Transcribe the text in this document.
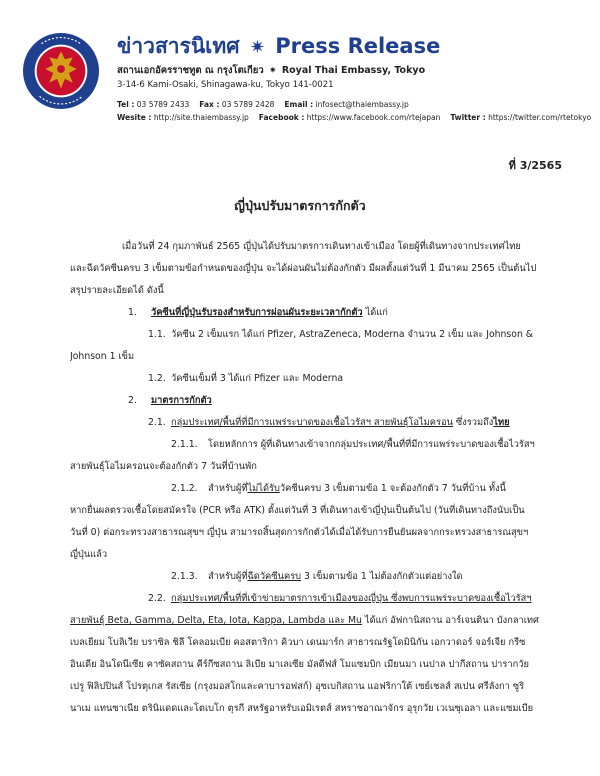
ข่าวสารนิเทศ ✷ Press Release
สถานเอกอัครราชทูต ณ กรุงโตเกียว ✷ Royal Thai Embassy, Tokyo
3-14-6 Kami-Osaki, Shinagawa-ku, Tokyo 141-0021
Tel : 03 5789 2433 Fax : 03 5789 2428 Email : infosect@thaiembassy.jp
Wesite : http://site.thaiembassy.jp Facebook : https://www.facebook.com/rtejapan Twitter : https://twitter.com/rtetokyo
ที่ 3/2565
ญี่ปุ่นปรับมาตรการกักตัว
เมื่อวันที่ 24 กุมภาพันธ์ 2565 ญี่ปุ่นได้ปรับมาตรการเดินทางเข้าเมือง โดยผู้ที่เดินทางจากประเทศไทย
และฉีดวัคซีนครบ 3 เข็มตามข้อกำหนดของญี่ปุ่น จะได้ผ่อนผันไม่ต้องกักตัว มีผลตั้งแต่วันที่ 1 มีนาคม 2565 เป็นต้นไป
สรุปรายละเอียดได้ ดังนี้
1. วัคซีนที่ญี่ปุ่นรับรองสำหรับการผ่อนผันระยะเวลากักตัว ได้แก่
1.1. วัคซีน 2 เข็มแรก ได้แก่ Pfizer, AstraZeneca, Moderna จำนวน 2 เข็ม และ Johnson &
Johnson 1 เข็ม
1.2. วัคซีนเข็มที่ 3 ได้แก่ Pfizer และ Moderna
2. มาตรการกักตัว
2.1. กลุ่มประเทศ/พื้นที่ที่มีการแพร่ระบาดของเชื้อไวรัสฯ สายพันธุ์โอไมครอน ซึ่งรวมถึงไทย
2.1.1. โดยหลักการ ผู้ที่เดินทางเข้าจากกลุ่มประเทศ/พื้นที่ที่มีการแพร่ระบาดของเชื้อไวรัสฯ
สายพันธุ์โอไมครอนจะต้องกักตัว 7 วันที่บ้านพัก
2.1.2. สำหรับผู้ที่ไม่ได้รับวัคซีนครบ 3 เข็มตามข้อ 1 จะต้องกักตัว 7 วันที่บ้าน ทั้งนี้
หากยื่นผลตรวจเชื้อโดยสมัครใจ (PCR หรือ ATK) ตั้งแต่วันที่ 3 ที่เดินทางเข้าญี่ปุ่นเป็นต้นไป (วันที่เดินทางถึงนับเป็น
วันที่ 0) ต่อกระทรวงสาธารณสุขฯ ญี่ปุ่น สามารถสิ้นสุดการกักตัวได้เมื่อได้รับการยืนยันผลจากกระทรวงสาธารณสุขฯ
ญี่ปุ่นแล้ว
2.1.3. สำหรับผู้ที่ฉีดวัคซีนครบ 3 เข็มตามข้อ 1 ไม่ต้องกักตัวแต่อย่างใด
2.2. กลุ่มประเทศ/พื้นที่ที่เข้าข่ายมาตรการเข้าเมืองของญี่ปุ่น ซึ่งพบการแพร่ระบาดของเชื้อไวรัสฯ
สายพันธุ์ Beta, Gamma, Delta, Eta, Iota, Kappa, Lambda และ Mu ได้แก่ อัฟกานิสถาน อาร์เจนตินา บังกลาเทศ
เบลเยียม โบลิเวีย บราซิล ชิลี โคลอมเบีย คอสตาริกา คิวบา เดนมาร์ก สาธารณรัฐโดมินิกัน เอกวาดอร์ จอร์เจีย กรีซ
อินเดีย อินโดนีเซีย คาซัคสถาน คีร์กีซสถาน ลิเบีย มาเลเซีย มัลดีฟส์ โมแซมบิก เมียนมา เนปาล ปากีสถาน ปารากวัย
เปรู ฟิลิปปินส์ โปรตุเกส รัสเซีย (กรุงมอสโกและคาบารอฟสก์) อุซเบกิสถาน แอฟริกาใต้ เซย์เชลส์ สเปน ศรีลังกา ซูริ
นาเม แทนซาเนีย ตรินิแดดและโตเบโก ตุรกี สหรัฐอาหรับเอมิเรตส์ สหราชอาณาจักร อุรุกวัย เวเนซุเอลา และแซมเบีย
